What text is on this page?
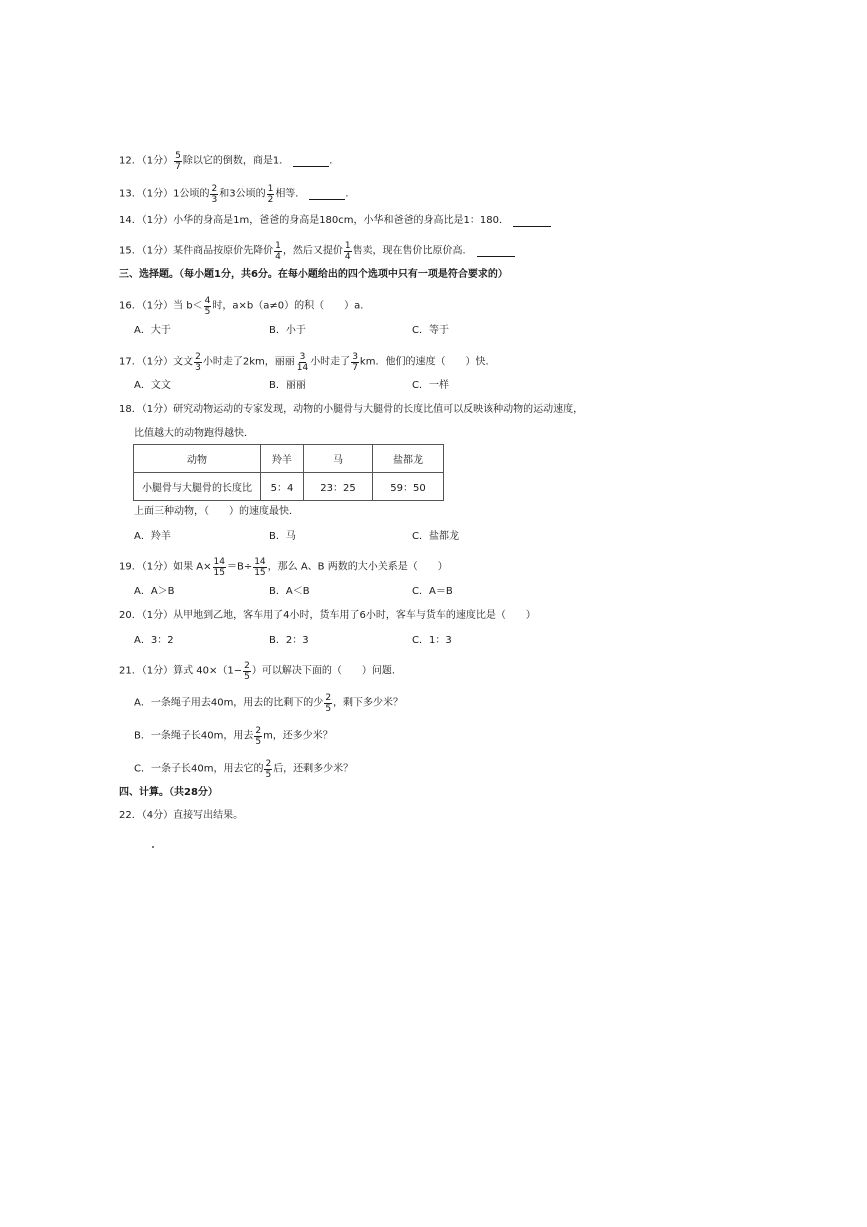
12．（1分） $\frac{5}{7}$ 除以它的倒数，商是1．	．
13．（1分）1公顷的 $\frac{2}{3}$ 和3公顷的 $\frac{1}{2}$ 相等．	．
14．（1分）小华的身高是1m，爸爸的身高是180cm，小华和爸爸的身高比是1：180．
15．（1分）某件商品按原价先降价 $\frac{1}{4}$ ，然后又提价 $\frac{1}{4}$ 售卖，现在售价比原价高．
三、选择题。（每小题1分，共6分。在每小题给出的四个选项中只有一项是符合要求的）
16．（1分）当 $b< \frac{4}{5}$ 时，a×b（a≠0）的积（　　）a．
A．大于	B．小于	C．等于
17．（1分）文文 $\frac{2}{3}$ 小时走了2km，丽丽 $\frac{3}{14}$ 小时走了 $\frac{3}{7}$ km．他们的速度（　　）快．
A．文文	B．丽丽	C．一样
18．（1分）研究动物运动的专家发现，动物的小腿骨与大腿骨的长度比值可以反映该种动物的运动速度，
比值越大的动物跑得越快．
动物	羚羊	马	盐都龙
小腿骨与大腿骨的长度比	5：4	23：25	59：50
上面三种动物，（　　）的速度最快．
A．羚羊	B．马	C．盐都龙
19．（1分）如果 $A\times \frac{14}{15} =B\div \frac{14}{15}$ ，那么 A、B 两数的大小关系是（　　）
A．A＞B	B．A＜B	C．A＝B
20．（1分）从甲地到乙地，客车用了4小时，货车用了6小时，客车与货车的速度比是（　　）
A．3：2	B．2：3	C．1：3
21．（1分）算式 $40\times(1- \frac{2}{5}$ ）可以解决下面的（　　）问题．
A．一条绳子用去40m，用去的比剩下的少 $\frac{2}{5}$ ，剩下多少米？
B．一条绳子长40m，用去 $\frac{2}{5}$ m，还多少米？
C．一条子长40m，用去它的 $\frac{2}{5}$ 后，还剩多少米？
四、计算。（共28分）
22．（4分）直接写出结果。
